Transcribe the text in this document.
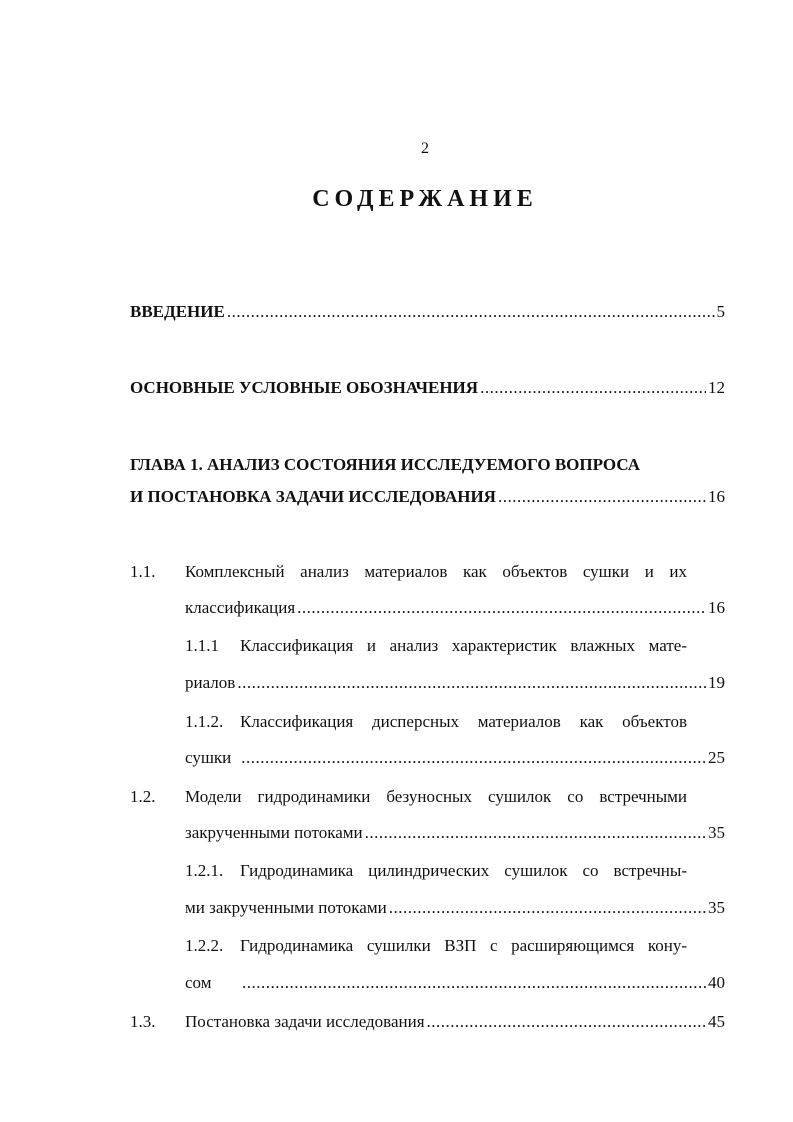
2
СОДЕРЖАНИЕ
ВВЕДЕНИЕ .....	5
ОСНОВНЫЕ УСЛОВНЫЕ ОБОЗНАЧЕНИЯ .....	12
ГЛАВА 1. АНАЛИЗ СОСТОЯНИЯ ИССЛЕДУЕМОГО ВОПРОСА
И ПОСТАНОВКА ЗАДАЧИ ИССЛЕДОВАНИЯ .....	16
1.1. Комплексный анализ материалов как объектов сушки и их
классификация .....	16
1.1.1 Классификация и анализ характеристик влажных мате-
риалов .....	19
1.1.2. Классификация дисперсных материалов как объектов
сушки .....	25
1.2. Модели гидродинамики безуносных сушилок со встречными
закрученными потоками .....	35
1.2.1. Гидродинамика цилиндрических сушилок со встречны-
ми закрученными потоками .....	35
1.2.2. Гидродинамика сушилки ВЗП с расширяющимся кону-
сом .....	40
1.3. Постановка задачи исследования .....	45
